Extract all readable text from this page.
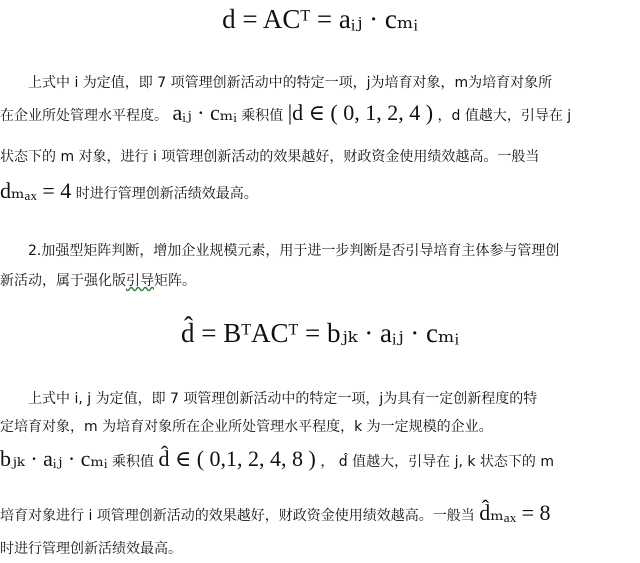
d = ACᵀ = aᵢⱼ · cₘᵢ
上式中 i 为定值，即 7 项管理创新活动中的特定一项，j为培育对象，m为培育对象所
在企业所处管理水平程度。 aᵢⱼ · cₘᵢ 乘积值 |d ∈ ( 0, 1, 2, 4 ) ，d 值越大，引导在 j
状态下的 m 对象，进行 i 项管理创新活动的效果越好，财政资金使用绩效越高。一般当
dₘₐₓ = 4 时进行管理创新活绩效最高。
2.加强型矩阵判断，增加企业规模元素，用于进一步判断是否引导培育主体参与管理创
新活动，属于强化版引导矩阵。
d̂ = BᵀACᵀ = bⱼₖ · aᵢⱼ · cₘᵢ
上式中 i, j 为定值，即 7 项管理创新活动中的特定一项，j为具有一定创新程度的特
定培育对象，m 为培育对象所在企业所处管理水平程度，k 为一定规模的企业。
bⱼₖ · aᵢⱼ · cₘᵢ 乘积值 d̂ ∈ ( 0,1, 2, 4, 8 ) ， d̂ 值越大，引导在 j, k 状态下的 m
培育对象进行 i 项管理创新活动的效果越好，财政资金使用绩效越高。一般当 d̂ₘₐₓ = 8
时进行管理创新活绩效最高。
